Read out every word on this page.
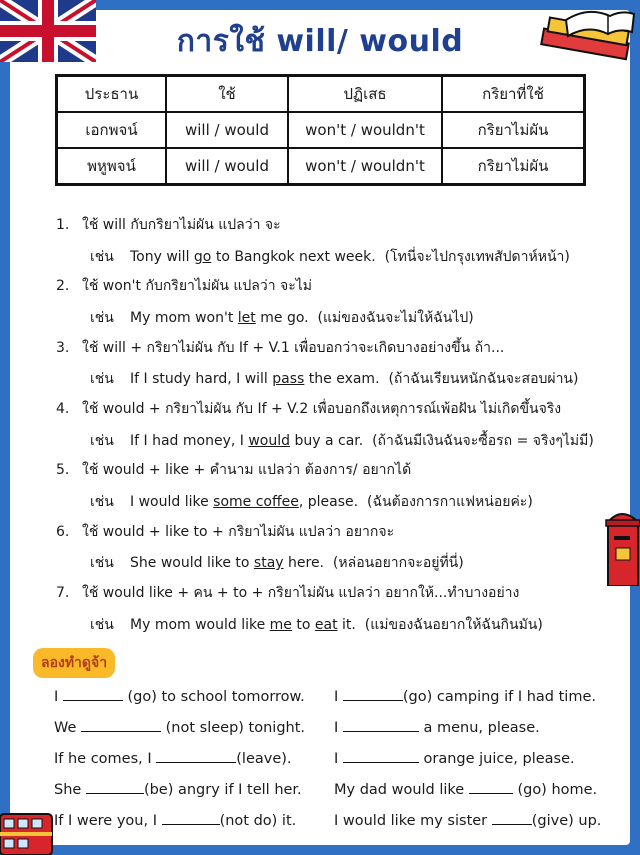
การใช้ will/ would
ประธาน	ใช้	ปฏิเสธ	กริยาที่ใช้
เอกพจน์	will / would	won't / wouldn't	กริยาไม่ผัน
พหูพจน์	will / would	won't / wouldn't	กริยาไม่ผัน
1. ใช้ will กับกริยาไม่ผัน แปลว่า จะ
เช่น Tony will go to Bangkok next week. (โทนี่จะไปกรุงเทพสัปดาห์หน้า)
2. ใช้ won't กับกริยาไม่ผัน แปลว่า จะไม่
เช่น My mom won't let me go. (แม่ของฉันจะไม่ให้ฉันไป)
3. ใช้ will + กริยาไม่ผัน กับ If + V.1 เพื่อบอกว่าจะเกิดบางอย่างขึ้น ถ้า...
เช่น If I study hard, I will pass the exam. (ถ้าฉันเรียนหนักฉันจะสอบผ่าน)
4. ใช้ would + กริยาไม่ผัน กับ If + V.2 เพื่อบอกถึงเหตุการณ์เพ้อฝัน ไม่เกิดขึ้นจริง
เช่น If I had money, I would buy a car. (ถ้าฉันมีเงินฉันจะซื้อรถ = จริงๆไม่มี)
5. ใช้ would + like + คำนาม แปลว่า ต้องการ/ อยากได้
เช่น I would like some coffee, please. (ฉันต้องการกาแฟหน่อยค่ะ)
6. ใช้ would + like to + กริยาไม่ผัน แปลว่า อยากจะ
เช่น She would like to stay here. (หล่อนอยากจะอยู่ที่นี่)
7. ใช้ would like + คน + to + กริยาไม่ผัน แปลว่า อยากให้...ทำบางอย่าง
เช่น My mom would like me to eat it. (แม่ของฉันอยากให้ฉันกินมัน)
ลองทำดูจ้า
I	(go) to school tomorrow.
We	(not sleep) tonight.
If he comes, I	(leave).
She	(be) angry if I tell her.
If I were you, I	(not do) it.
I	(go) camping if I had time.
I	a menu, please.
I	orange juice, please.
My dad would like	(go) home.
I would like my sister	(give) up.
